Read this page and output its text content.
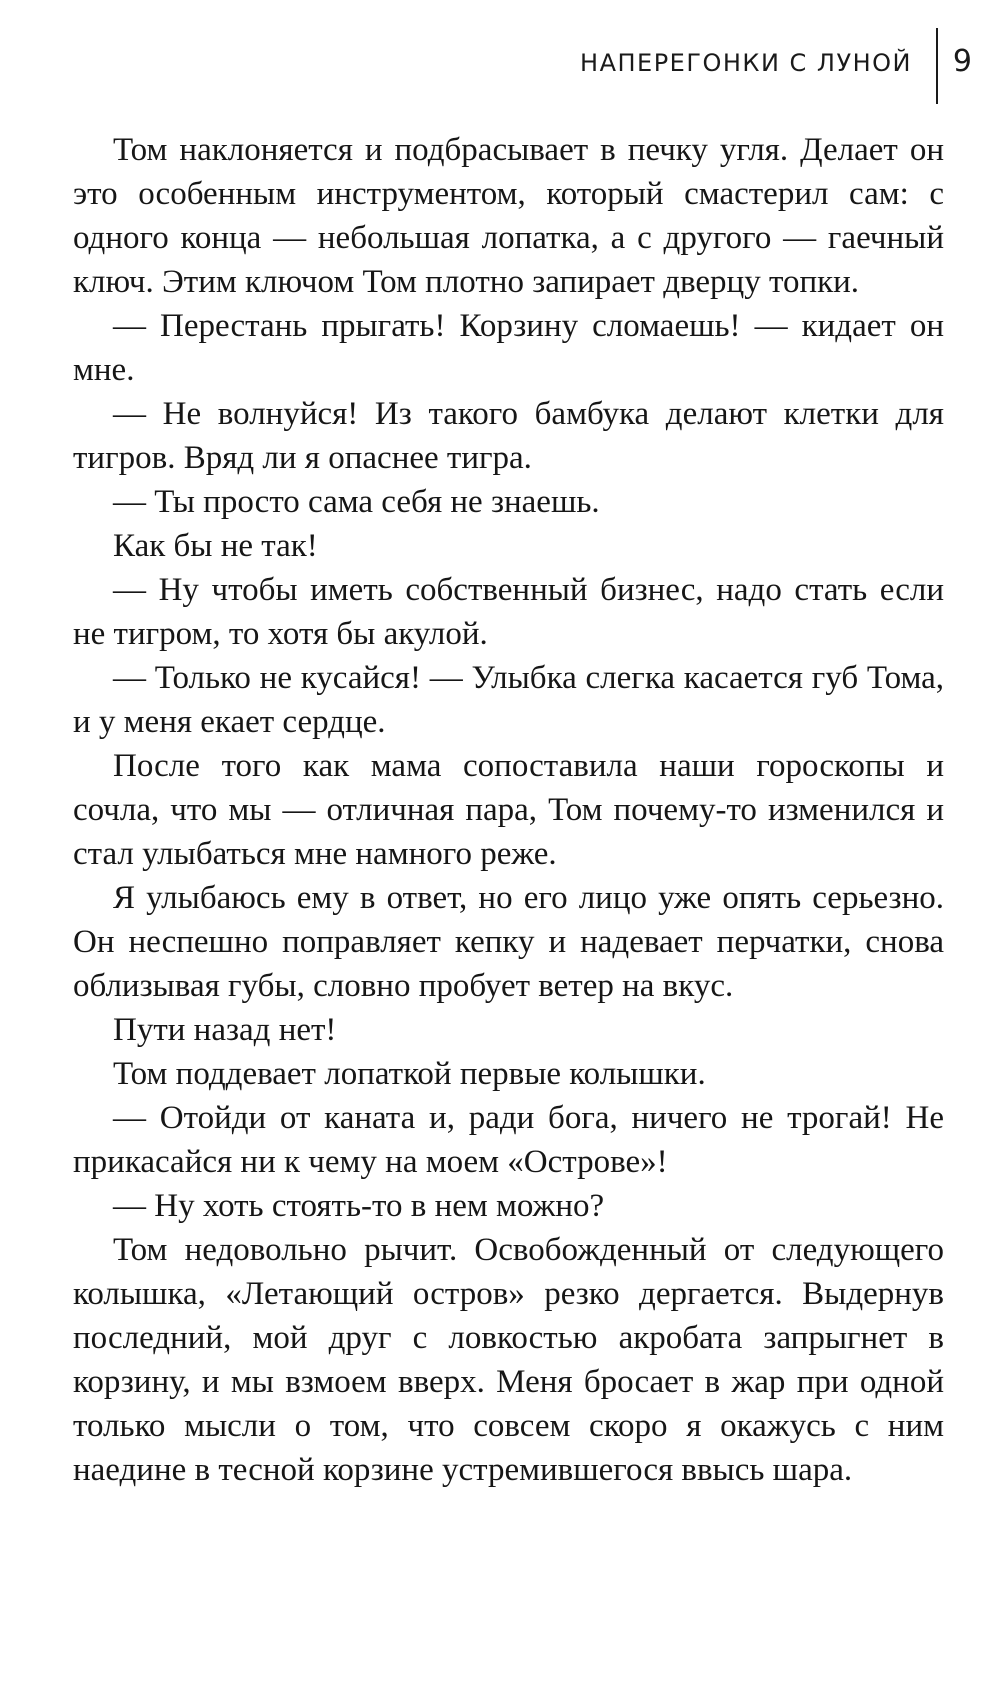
НАПЕРЕГОНКИ С ЛУНОЙ 9

Том наклоняется и подбрасывает в печку угля. Делает он это особенным инструментом, который смастерил сам: с одного конца — небольшая лопатка, а с другого — гаечный ключ. Этим ключом Том плотно запирает дверцу топки.

— Перестань прыгать! Корзину сломаешь! — кидает он мне.

— Не волнуйся! Из такого бамбука делают клетки для тигров. Вряд ли я опаснее тигра.

— Ты просто сама себя не знаешь.

Как бы не так!

— Ну чтобы иметь собственный бизнес, надо стать если не тигром, то хотя бы акулой.

— Только не кусайся! — Улыбка слегка касается губ Тома, и у меня екает сердце.

После того как мама сопоставила наши гороскопы и сочла, что мы — отличная пара, Том почему-то изменился и стал улыбаться мне намного реже.

Я улыбаюсь ему в ответ, но его лицо уже опять серьезно. Он неспешно поправляет кепку и надевает перчатки, снова облизывая губы, словно пробует ветер на вкус.

Пути назад нет!

Том поддевает лопаткой первые колышки.

— Отойди от каната и, ради бога, ничего не трогай! Не прикасайся ни к чему на моем «Острове»!

— Ну хоть стоять-то в нем можно?

Том недовольно рычит. Освобожденный от следующего колышка, «Летающий остров» резко дергается. Выдернув последний, мой друг с ловкостью акробата запрыгнет в корзину, и мы взмоем вверх. Меня бросает в жар при одной только мысли о том, что совсем скоро я окажусь с ним наедине в тесной корзине устремившегося ввысь шара.
